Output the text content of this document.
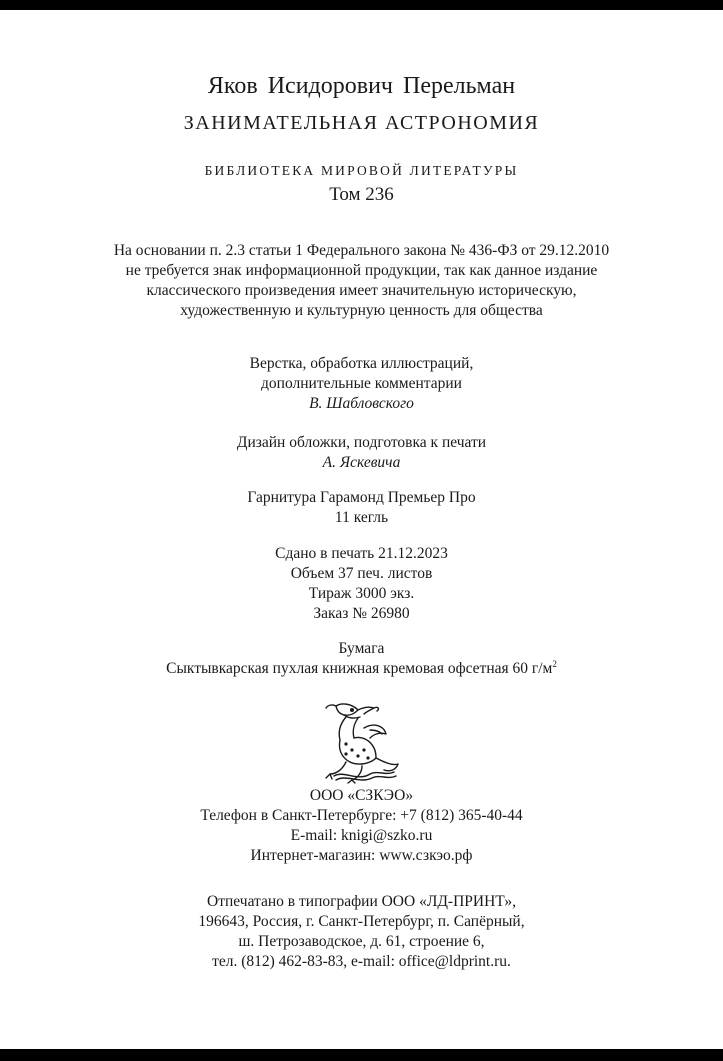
Яков Исидорович Перельман
ЗАНИМАТЕЛЬНАЯ АСТРОНОМИЯ
БИБЛИОТЕКА МИРОВОЙ ЛИТЕРАТУРЫ
Том 236
На основании п. 2.3 статьи 1 Федерального закона № 436-ФЗ от 29.12.2010
не требуется знак информационной продукции, так как данное издание
классического произведения имеет значительную историческую,
художественную и культурную ценность для общества
Верстка, обработка иллюстраций,
дополнительные комментарии
В. Шабловского
Дизайн обложки, подготовка к печати
А. Яскевича
Гарнитура Гарамонд Премьер Про
11 кегль
Сдано в печать 21.12.2023
Объем 37 печ. листов
Тираж 3000 экз.
Заказ № 26980
Бумага
Сыктывкарская пухлая книжная кремовая офсетная 60 $г/м^2$
ООО «СЗКЭО»
Телефон в Санкт-Петербурге: +7 (812) 365-40-44
E-mail: knigi@szko.ru
Интернет-магазин: www.сзкэо.рф
Отпечатано в типографии ООО «ЛД-ПРИНТ»,
196643, Россия, г. Санкт-Петербург, п. Сапёрный,
ш. Петрозаводское, д. 61, строение 6,
тел. (812) 462-83-83, e-mail: office@ldprint.ru.
